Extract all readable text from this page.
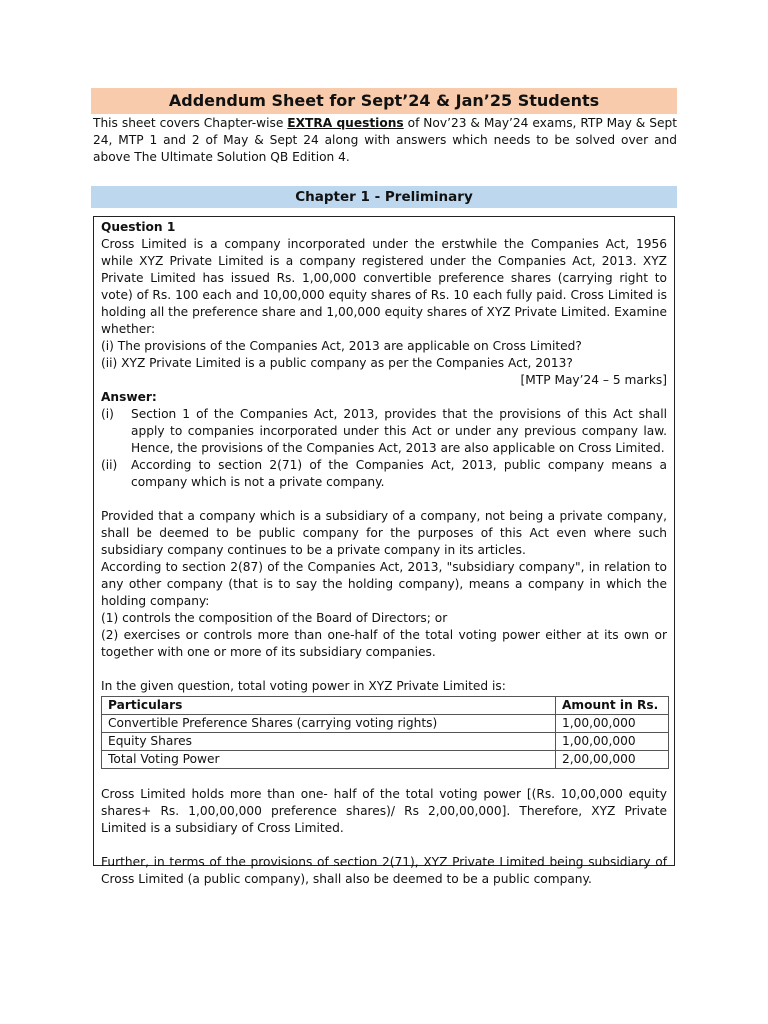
Addendum Sheet for Sept’24 & Jan’25 Students
This sheet covers Chapter-wise EXTRA questions of Nov’23 & May’24 exams, RTP May & Sept 24, MTP 1 and 2 of May & Sept 24 along with answers which needs to be solved over and above The Ultimate Solution QB Edition 4.
Chapter 1 - Preliminary

Question 1

Cross Limited is a company incorporated under the erstwhile the Companies Act, 1956 while XYZ Private Limited is a company registered under the Companies Act, 2013. XYZ Private Limited has issued Rs. 1,00,000 convertible preference shares (carrying right to vote) of Rs. 100 each and 10,00,000 equity shares of Rs. 10 each fully paid. Cross Limited is holding all the preference share and 1,00,000 equity shares of XYZ Private Limited. Examine whether:

(i) The provisions of the Companies Act, 2013 are applicable on Cross Limited?

(ii) XYZ Private Limited is a public company as per the Companies Act, 2013?

[MTP May’24 – 5 marks]

Answer:

(i)	Section 1 of the Companies Act, 2013, provides that the provisions of this Act shall apply to companies incorporated under this Act or under any previous company law. Hence, the provisions of the Companies Act, 2013 are also applicable on Cross Limited.
(ii)	According to section 2(71) of the Companies Act, 2013, public company means a company which is not a private company.

Provided that a company which is a subsidiary of a company, not being a private company, shall be deemed to be public company for the purposes of this Act even where such subsidiary company continues to be a private company in its articles.

According to section 2(87) of the Companies Act, 2013, "subsidiary company", in relation to any other company (that is to say the holding company), means a company in which the holding company:

(1) controls the composition of the Board of Directors; or

(2) exercises or controls more than one-half of the total voting power either at its own or together with one or more of its subsidiary companies.

In the given question, total voting power in XYZ Private Limited is:

Particulars	Amount in Rs.
Convertible Preference Shares (carrying voting rights)	1,00,00,000
Equity Shares	1,00,00,000
Total Voting Power	2,00,00,000

Cross Limited holds more than one- half of the total voting power [(Rs. 10,00,000 equity shares+ Rs. 1,00,00,000 preference shares)/ Rs 2,00,00,000]. Therefore, XYZ Private Limited is a subsidiary of Cross Limited.

Further, in terms of the provisions of section 2(71), XYZ Private Limited being subsidiary of Cross Limited (a public company), shall also be deemed to be a public company.
